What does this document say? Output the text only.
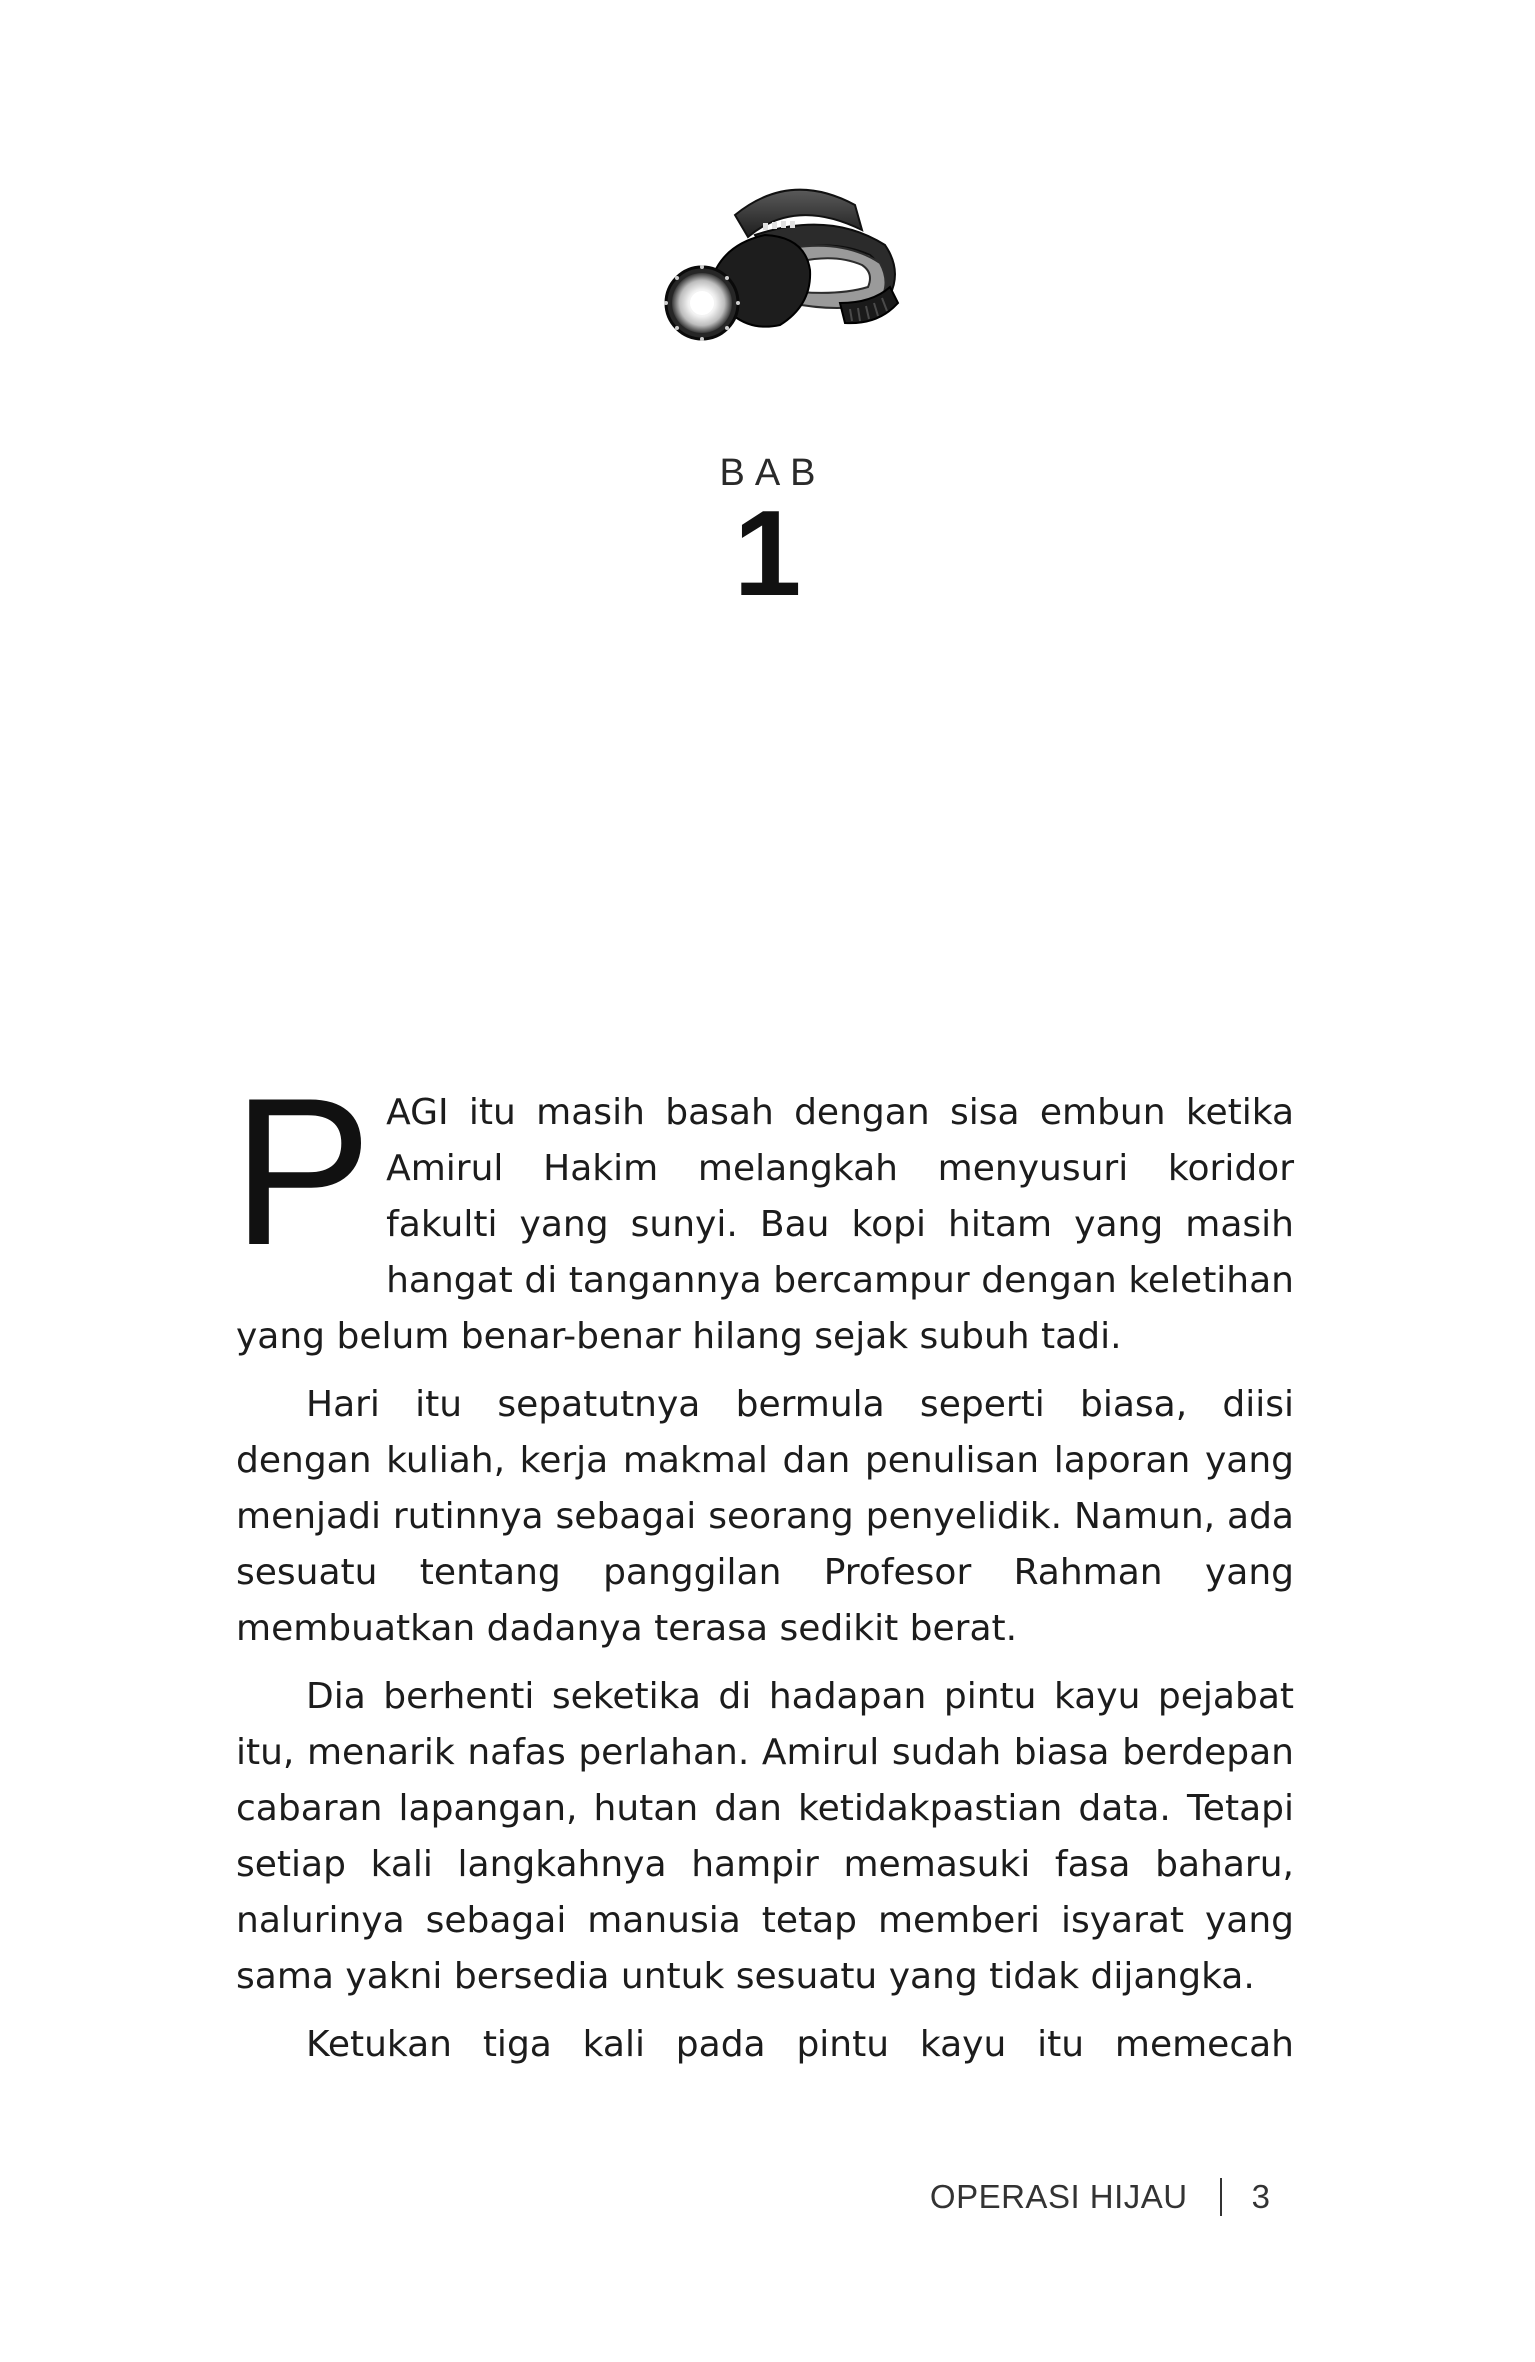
BAB
1

PAGI itu masih basah dengan sisa embun ketika Amirul Hakim melangkah menyusuri koridor fakulti yang sunyi. Bau kopi hitam yang masih hangat di tangannya bercampur dengan keletihan yang belum benar-benar hilang sejak subuh tadi.

Hari itu sepatutnya bermula seperti biasa, diisi dengan kuliah, kerja makmal dan penulisan laporan yang menjadi rutinnya sebagai seorang penyelidik. Namun, ada sesuatu tentang panggilan Profesor Rahman yang membuatkan dadanya terasa sedikit berat.

Dia berhenti seketika di hadapan pintu kayu pejabat itu, menarik nafas perlahan. Amirul sudah biasa berdepan cabaran lapangan, hutan dan ketidakpastian data. Tetapi setiap kali langkahnya hampir memasuki fasa baharu, nalurinya sebagai manusia tetap memberi isyarat yang sama yakni bersedia untuk sesuatu yang tidak dijangka.

Ketukan tiga kali pada pintu kayu itu memecah

OPERASI HIJAU 3
